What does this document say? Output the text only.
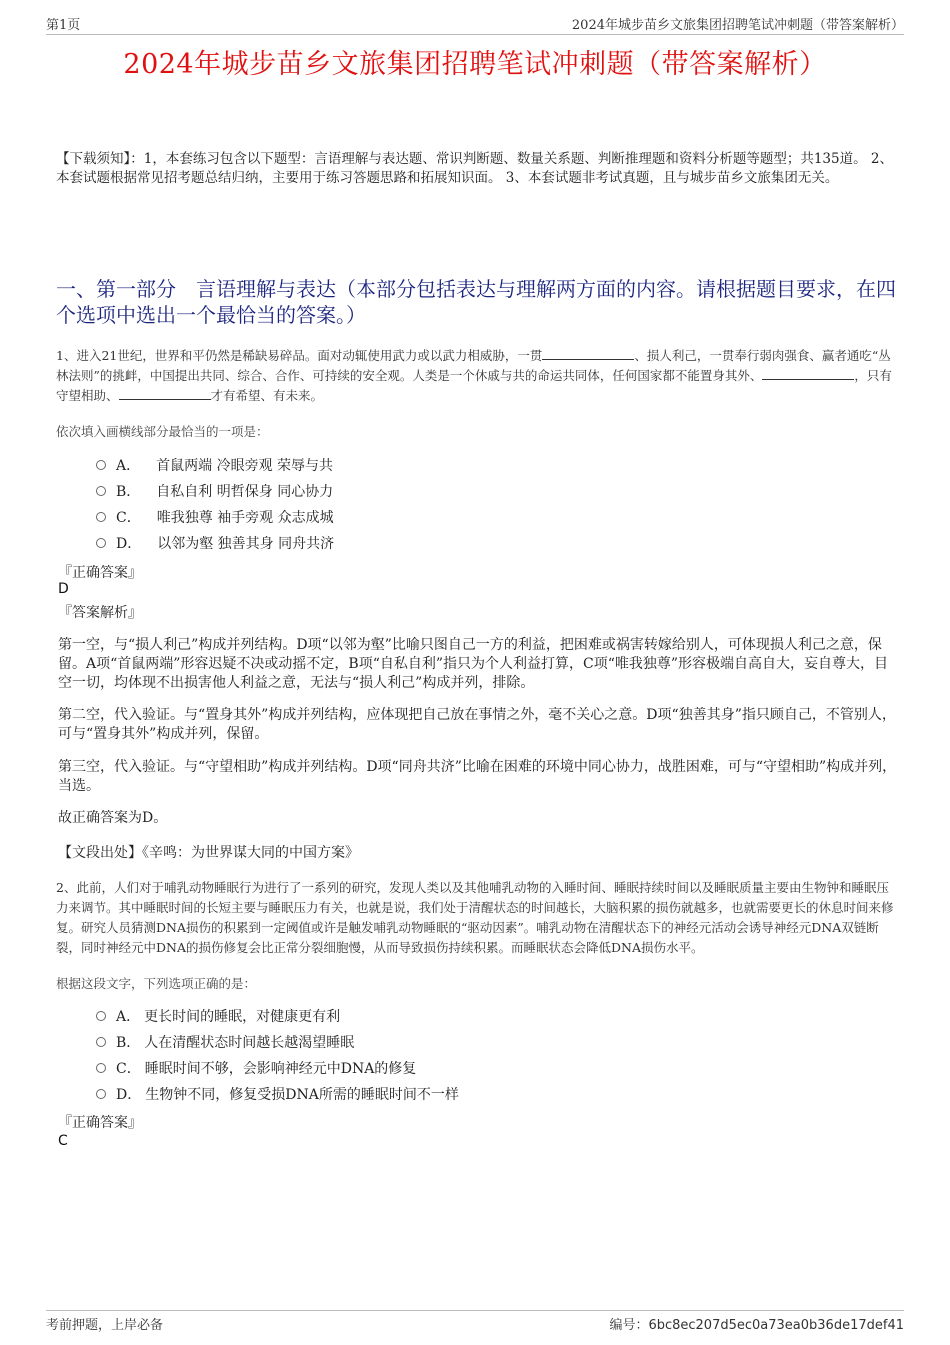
第1页	2024年城步苗乡文旅集团招聘笔试冲刺题（带答案解析）
2024年城步苗乡文旅集团招聘笔试冲刺题（带答案解析）
【下载须知】：1，本套练习包含以下题型：言语理解与表达题、常识判断题、数量关系题、判断推理题和资料分析题等题型；共135道。 2、本套试题根据常见招考题总结归纳，主要用于练习答题思路和拓展知识面。 3、本套试题非考试真题，且与城步苗乡文旅集团无关。
一、第一部分　言语理解与表达（本部分包括表达与理解两方面的内容。请根据题目要求，在四个选项中选出一个最恰当的答案。）
1、进入21世纪，世界和平仍然是稀缺易碎品。面对动辄使用武力或以武力相威胁，一贯	、损人利己，一贯奉行弱肉强食、赢者通吃“丛林法则”的挑衅，中国提出共同、综合、合作、可持续的安全观。人类是一个休戚与共的命运共同体，任何国家都不能置身其外、	，只有守望相助、	才有希望、有未来。
依次填入画横线部分最恰当的一项是：
A． 首鼠两端 冷眼旁观 荣辱与共
B． 自私自利 明哲保身 同心协力
C． 唯我独尊 袖手旁观 众志成城
D． 以邻为壑 独善其身 同舟共济
『正确答案』
D
『答案解析』
第一空，与“损人利己”构成并列结构。D项“以邻为壑”比喻只图自己一方的利益，把困难或祸害转嫁给别人，可体现损人利己之意，保留。A项“首鼠两端”形容迟疑不决或动摇不定，B项“自私自利”指只为个人利益打算，C项“唯我独尊”形容极端自高自大，妄自尊大，目空一切，均体现不出损害他人利益之意，无法与“损人利己”构成并列，排除。
第二空，代入验证。与“置身其外”构成并列结构，应体现把自己放在事情之外，毫不关心之意。D项“独善其身”指只顾自己，不管别人，可与“置身其外”构成并列，保留。
第三空，代入验证。与“守望相助”构成并列结构。D项“同舟共济”比喻在困难的环境中同心协力，战胜困难，可与“守望相助”构成并列，当选。
故正确答案为D。
【文段出处】《辛鸣：为世界谋大同的中国方案》
2、此前，人们对于哺乳动物睡眠行为进行了一系列的研究，发现人类以及其他哺乳动物的入睡时间、睡眠持续时间以及睡眠质量主要由生物钟和睡眠压力来调节。其中睡眠时间的长短主要与睡眠压力有关，也就是说，我们处于清醒状态的时间越长，大脑积累的损伤就越多，也就需要更长的休息时间来修复。研究人员猜测DNA损伤的积累到一定阈值或许是触发哺乳动物睡眠的“驱动因素”。哺乳动物在清醒状态下的神经元活动会诱导神经元DNA双链断裂，同时神经元中DNA的损伤修复会比正常分裂细胞慢，从而导致损伤持续积累。而睡眠状态会降低DNA损伤水平。
根据这段文字，下列选项正确的是：
A． 更长时间的睡眠，对健康更有利
B． 人在清醒状态时间越长越渴望睡眠
C． 睡眠时间不够，会影响神经元中DNA的修复
D． 生物钟不同，修复受损DNA所需的睡眠时间不一样
『正确答案』
C
考前押题，上岸必备	编号：6bc8ec207d5ec0a73ea0b36de17def41
